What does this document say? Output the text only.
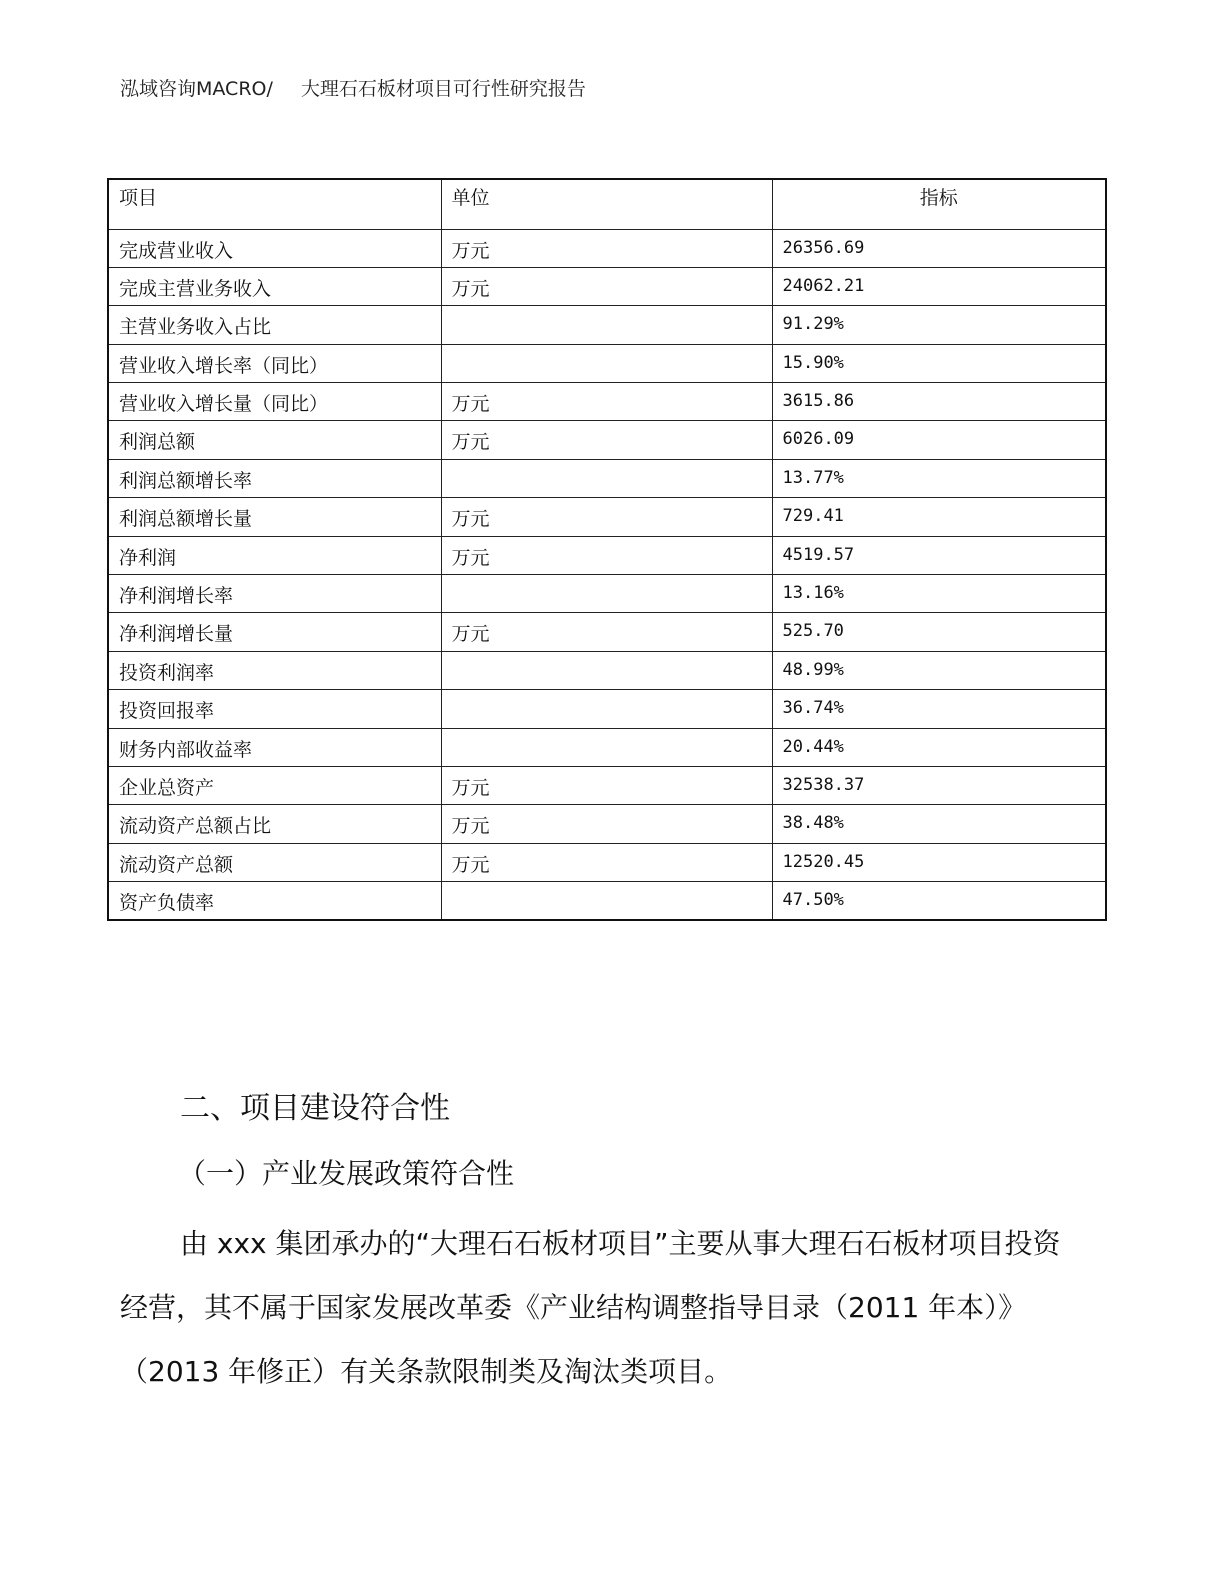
泓域咨询MACRO/ 大理石石板材项目可行性研究报告
项目	单位	指标
完成营业收入	万元	26356.69
完成主营业务收入	万元	24062.21
主营业务收入占比		91.29%
营业收入增长率（同比）		15.90%
营业收入增长量（同比）	万元	3615.86
利润总额	万元	6026.09
利润总额增长率		13.77%
利润总额增长量	万元	729.41
净利润	万元	4519.57
净利润增长率		13.16%
净利润增长量	万元	525.70
投资利润率		48.99%
投资回报率		36.74%
财务内部收益率		20.44%
企业总资产	万元	32538.37
流动资产总额占比	万元	38.48%
流动资产总额	万元	12520.45
资产负债率		47.50%
二、项目建设符合性
（一）产业发展政策符合性
由 xxx 集团承办的“大理石石板材项目”主要从事大理石石板材项目投资经营，其不属于国家发展改革委《产业结构调整指导目录（2011 年本）》（2013 年修正）有关条款限制类及淘汰类项目。
